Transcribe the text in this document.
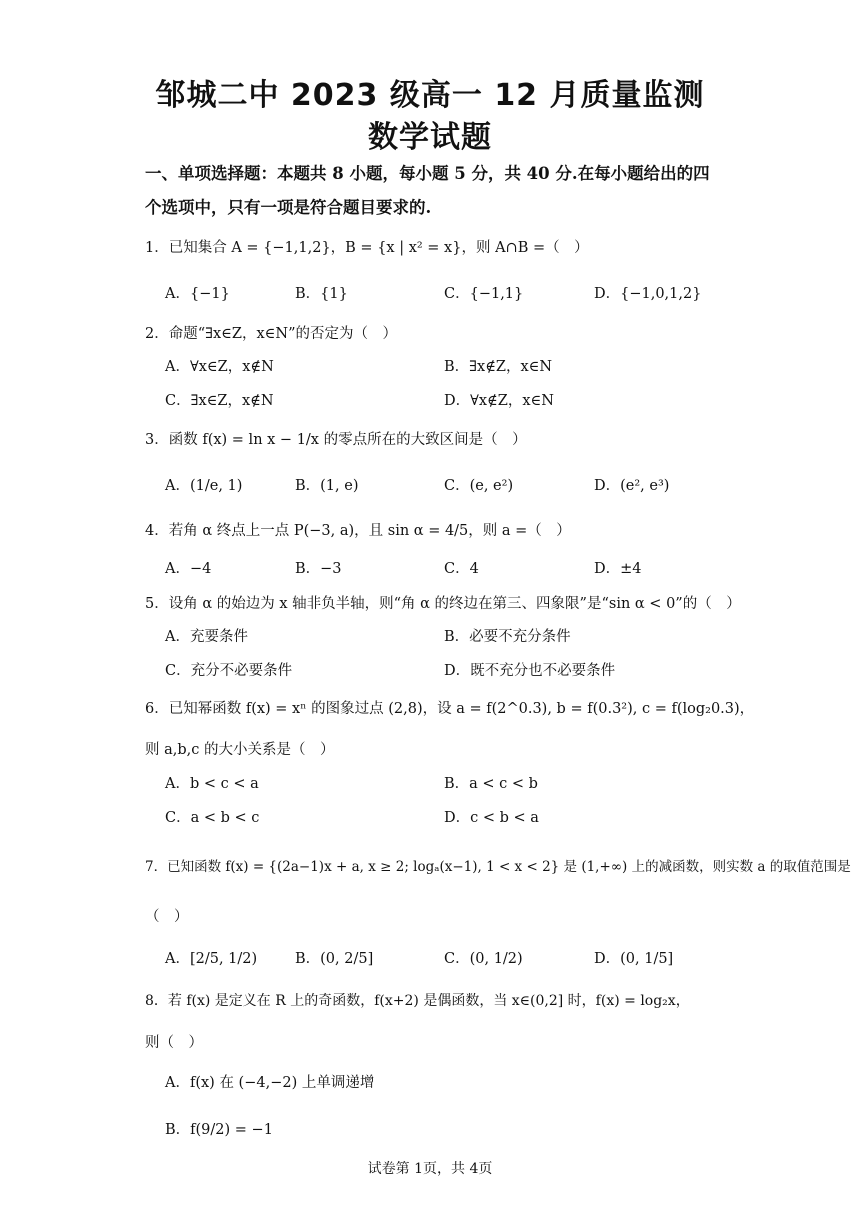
邹城二中 2023 级高一 12 月质量监测
数学试题
一、单项选择题：本题共 8 小题，每小题 5 分，共 40 分.在每小题给出的四
个选项中，只有一项是符合题目要求的.
1．已知集合 A = {−1,1,2}，B = {x | x² = x}，则 A∩B =（　）
A．{−1}	B．{1}	C．{−1,1}	D．{−1,0,1,2}
2．命题“∃x∈Z，x∈N”的否定为（　）
A．∀x∈Z，x∉N	B．∃x∉Z，x∈N
C．∃x∈Z，x∉N	D．∀x∉Z，x∈N
3．函数 f(x) = ln x − 1/x 的零点所在的大致区间是（　）
A．(1/e, 1)	B．(1, e)	C．(e, e²)	D．(e², e³)
4．若角 α 终点上一点 P(−3, a)，且 sin α = 4/5，则 a =（　）
A．−4	B．−3	C．4	D．±4
5．设角 α 的始边为 x 轴非负半轴，则“角 α 的终边在第三、四象限”是“sin α < 0”的（　）
A．充要条件	B．必要不充分条件
C．充分不必要条件	D．既不充分也不必要条件
6．已知幂函数 f(x) = xⁿ 的图象过点 (2,8)，设 a = f(2^0.3), b = f(0.3²), c = f(log₂0.3)，
则 a,b,c 的大小关系是（　）
A．b < c < a	B．a < c < b
C．a < b < c	D．c < b < a
7．已知函数 f(x) = {(2a−1)x + a, x ≥ 2; logₐ(x−1), 1 < x < 2} 是 (1,+∞) 上的减函数，则实数 a 的取值范围是
（　）
A．[2/5, 1/2)	B．(0, 2/5]	C．(0, 1/2)	D．(0, 1/5]
8．若 f(x) 是定义在 R 上的奇函数，f(x+2) 是偶函数，当 x∈(0,2] 时，f(x) = log₂x，
则（　）
A．f(x) 在 (−4,−2) 上单调递增
B．f(9/2) = −1
试卷第 1页，共 4页
